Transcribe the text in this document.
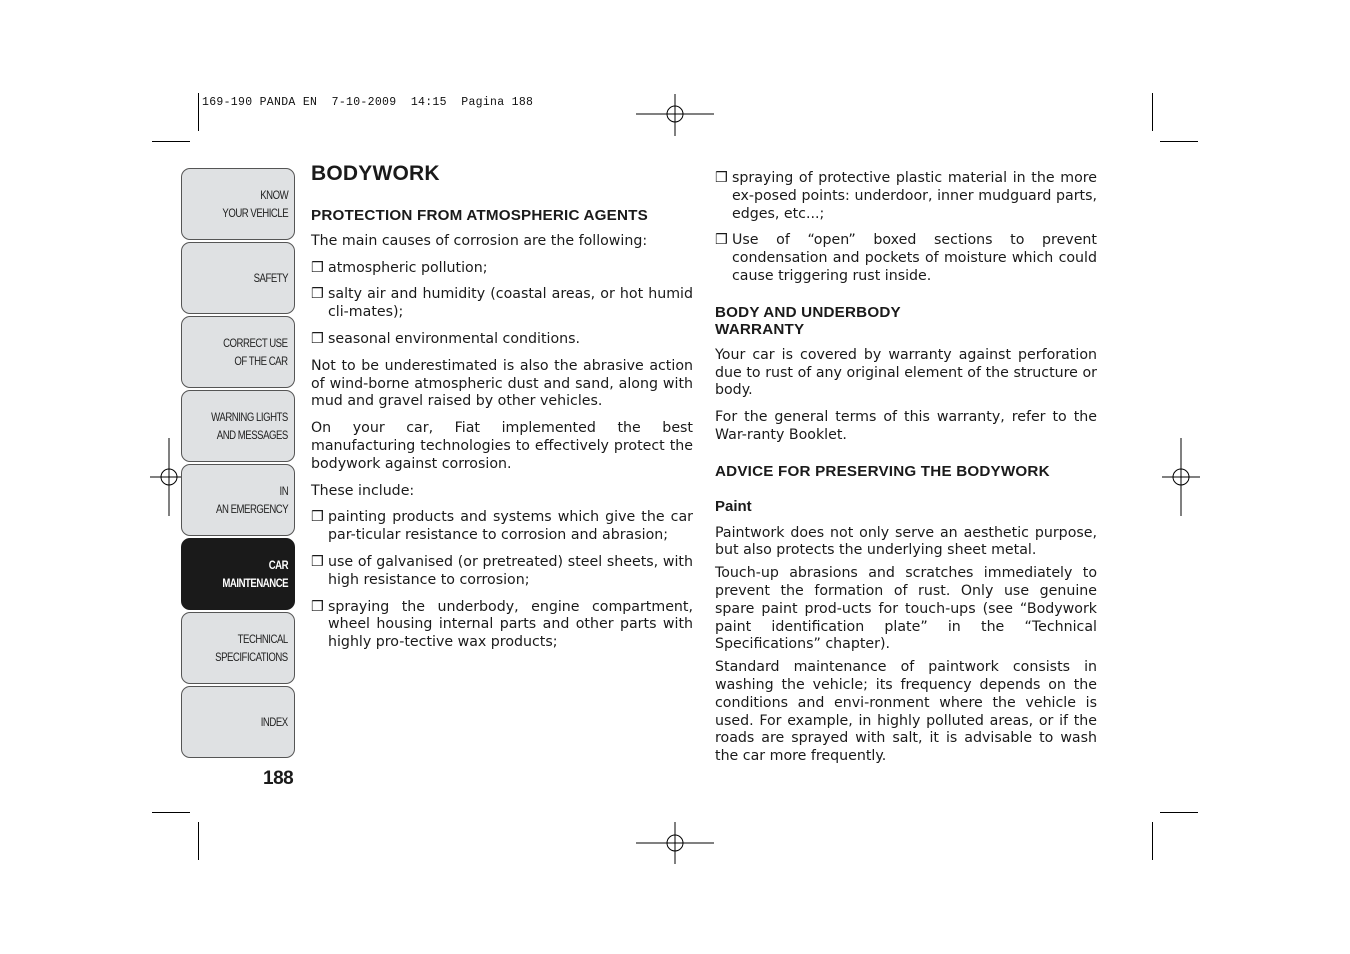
169-190 PANDA EN  7-10-2009  14:15  Pagina 188
KNOW
YOUR VEHICLE
SAFETY
CORRECT USE
OF THE CAR
WARNING LIGHTS
AND MESSAGES
IN
AN EMERGENCY
CAR
MAINTENANCE
TECHNICAL
SPECIFICATIONS
INDEX
188
BODYWORK
PROTECTION FROM ATMOSPHERIC AGENTS

The main causes of corrosion are the following:

❒ atmospheric pollution;
❒ salty air and humidity (coastal areas, or hot humid cli-mates);
❒ seasonal environmental conditions.

Not to be underestimated is also the abrasive action of wind-borne atmospheric dust and sand, along with mud and gravel raised by other vehicles.

On your car, Fiat implemented the best manufacturing technologies to effectively protect the bodywork against corrosion.

These include:

❒ painting products and systems which give the car par-ticular resistance to corrosion and abrasion;
❒ use of galvanised (or pretreated) steel sheets, with high resistance to corrosion;
❒ spraying the underbody, engine compartment, wheel housing internal parts and other parts with highly pro-tective wax products;
❒ spraying of protective plastic material in the more ex-posed points: underdoor, inner mudguard parts, edges, etc...;
❒ Use of “open” boxed sections to prevent condensation and pockets of moisture which could cause triggering rust inside.
BODY AND UNDERBODY WARRANTY

Your car is covered by warranty against perforation due to rust of any original element of the structure or body.

For the general terms of this warranty, refer to the War-ranty Booklet.

ADVICE FOR PRESERVING THE BODYWORK
Paint

Paintwork does not only serve an aesthetic purpose, but also protects the underlying sheet metal.

Touch-up abrasions and scratches immediately to prevent the formation of rust. Only use genuine spare paint prod-ucts for touch-ups (see “Bodywork paint identification plate” in the “Technical Specifications” chapter).

Standard maintenance of paintwork consists in washing the vehicle; its frequency depends on the conditions and envi-ronment where the vehicle is used. For example, in highly polluted areas, or if the roads are sprayed with salt, it is advisable to wash the car more frequently.
